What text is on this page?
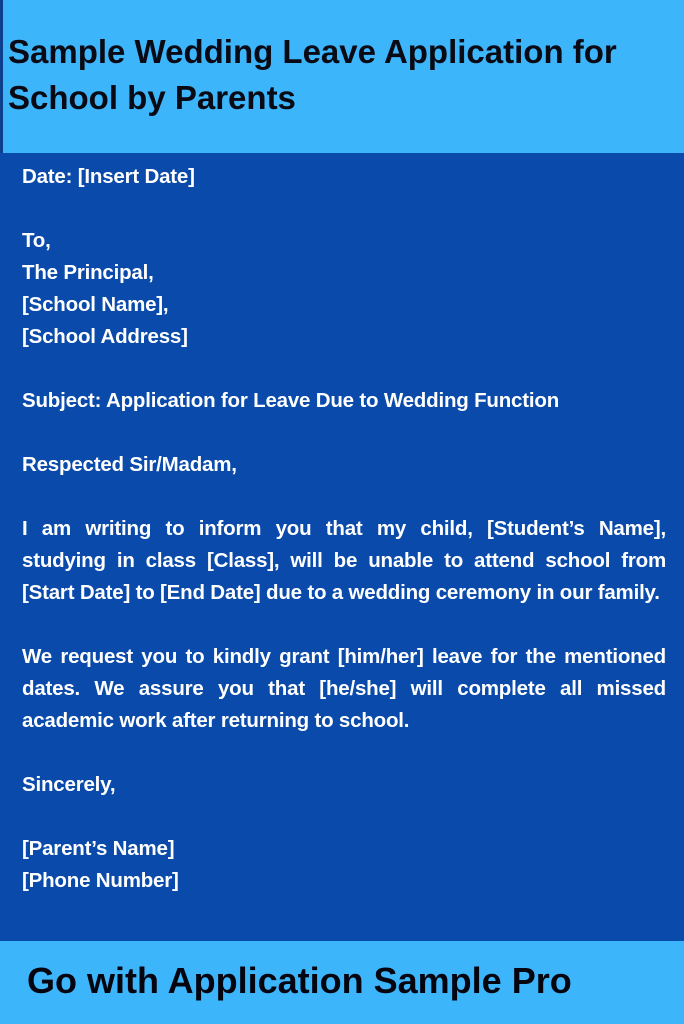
Sample Wedding Leave Application for School by Parents

Date: [Insert Date]

To,

The Principal,

[School Name],

[School Address]

Subject: Application for Leave Due to Wedding Function

Respected Sir/Madam,

I am writing to inform you that my child, [Student’s Name], studying in class [Class], will be unable to attend school from [Start Date] to [End Date] due to a wedding ceremony in our family.

We request you to kindly grant [him/her] leave for the mentioned dates. We assure you that [he/she] will complete all missed academic work after returning to school.

Sincerely,

[Parent’s Name]

[Phone Number]

Go with Application Sample Pro
